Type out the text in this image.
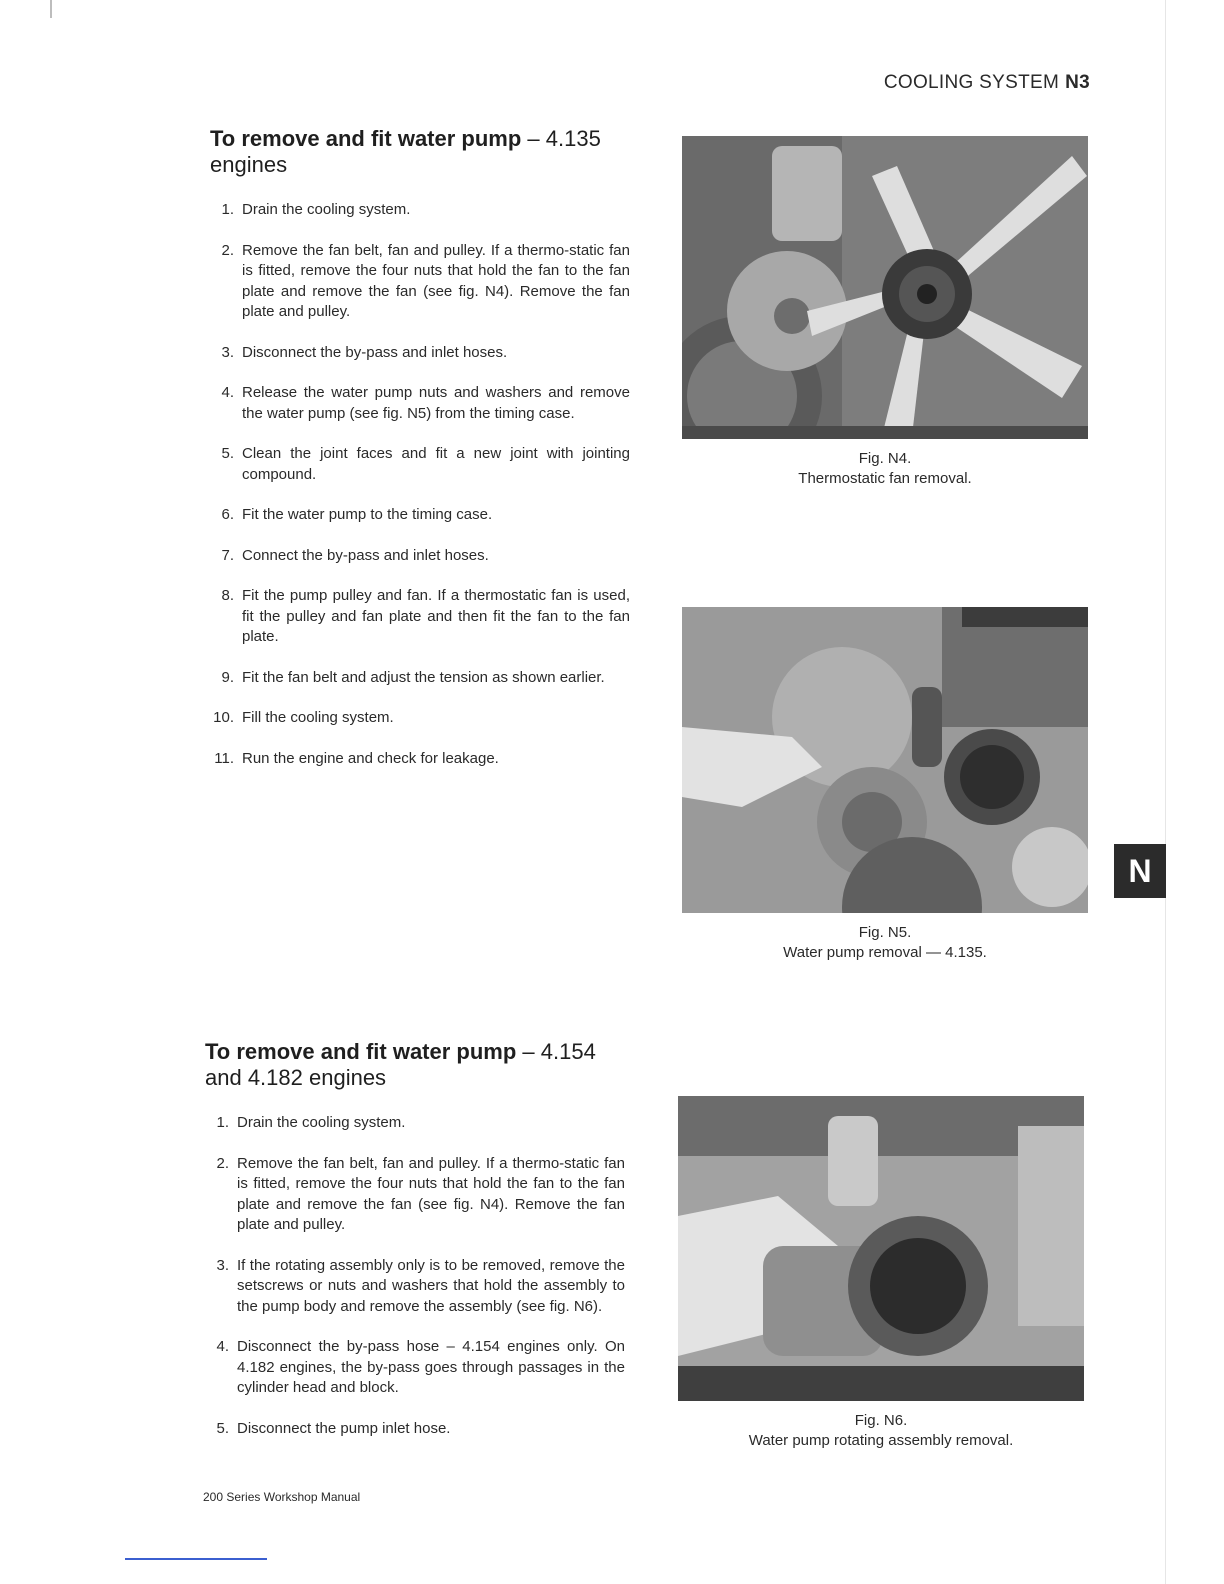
COOLING SYSTEM N3
To remove and fit water pump – 4.135 engines
1. Drain the cooling system.
2. Remove the fan belt, fan and pulley. If a thermo-static fan is fitted, remove the four nuts that hold the fan to the fan plate and remove the fan (see fig. N4). Remove the fan plate and pulley.
3. Disconnect the by-pass and inlet hoses.
4. Release the water pump nuts and washers and remove the water pump (see fig. N5) from the timing case.
5. Clean the joint faces and fit a new joint with jointing compound.
6. Fit the water pump to the timing case.
7. Connect the by-pass and inlet hoses.
8. Fit the pump pulley and fan. If a thermostatic fan is used, fit the pulley and fan plate and then fit the fan to the fan plate.
9. Fit the fan belt and adjust the tension as shown earlier.
10. Fill the cooling system.
11. Run the engine and check for leakage.
To remove and fit water pump – 4.154 and 4.182 engines
1. Drain the cooling system.
2. Remove the fan belt, fan and pulley. If a thermo-static fan is fitted, remove the four nuts that hold the fan to the fan plate and remove the fan (see fig. N4). Remove the fan plate and pulley.
3. If the rotating assembly only is to be removed, remove the setscrews or nuts and washers that hold the assembly to the pump body and remove the assembly (see fig. N6).
4. Disconnect the by-pass hose – 4.154 engines only. On 4.182 engines, the by-pass goes through passages in the cylinder head and block.
5. Disconnect the pump inlet hose.
Fig. N4.
Thermostatic fan removal.
Fig. N5.
Water pump removal — 4.135.
Fig. N6.
Water pump rotating assembly removal.
N
200 Series Workshop Manual
